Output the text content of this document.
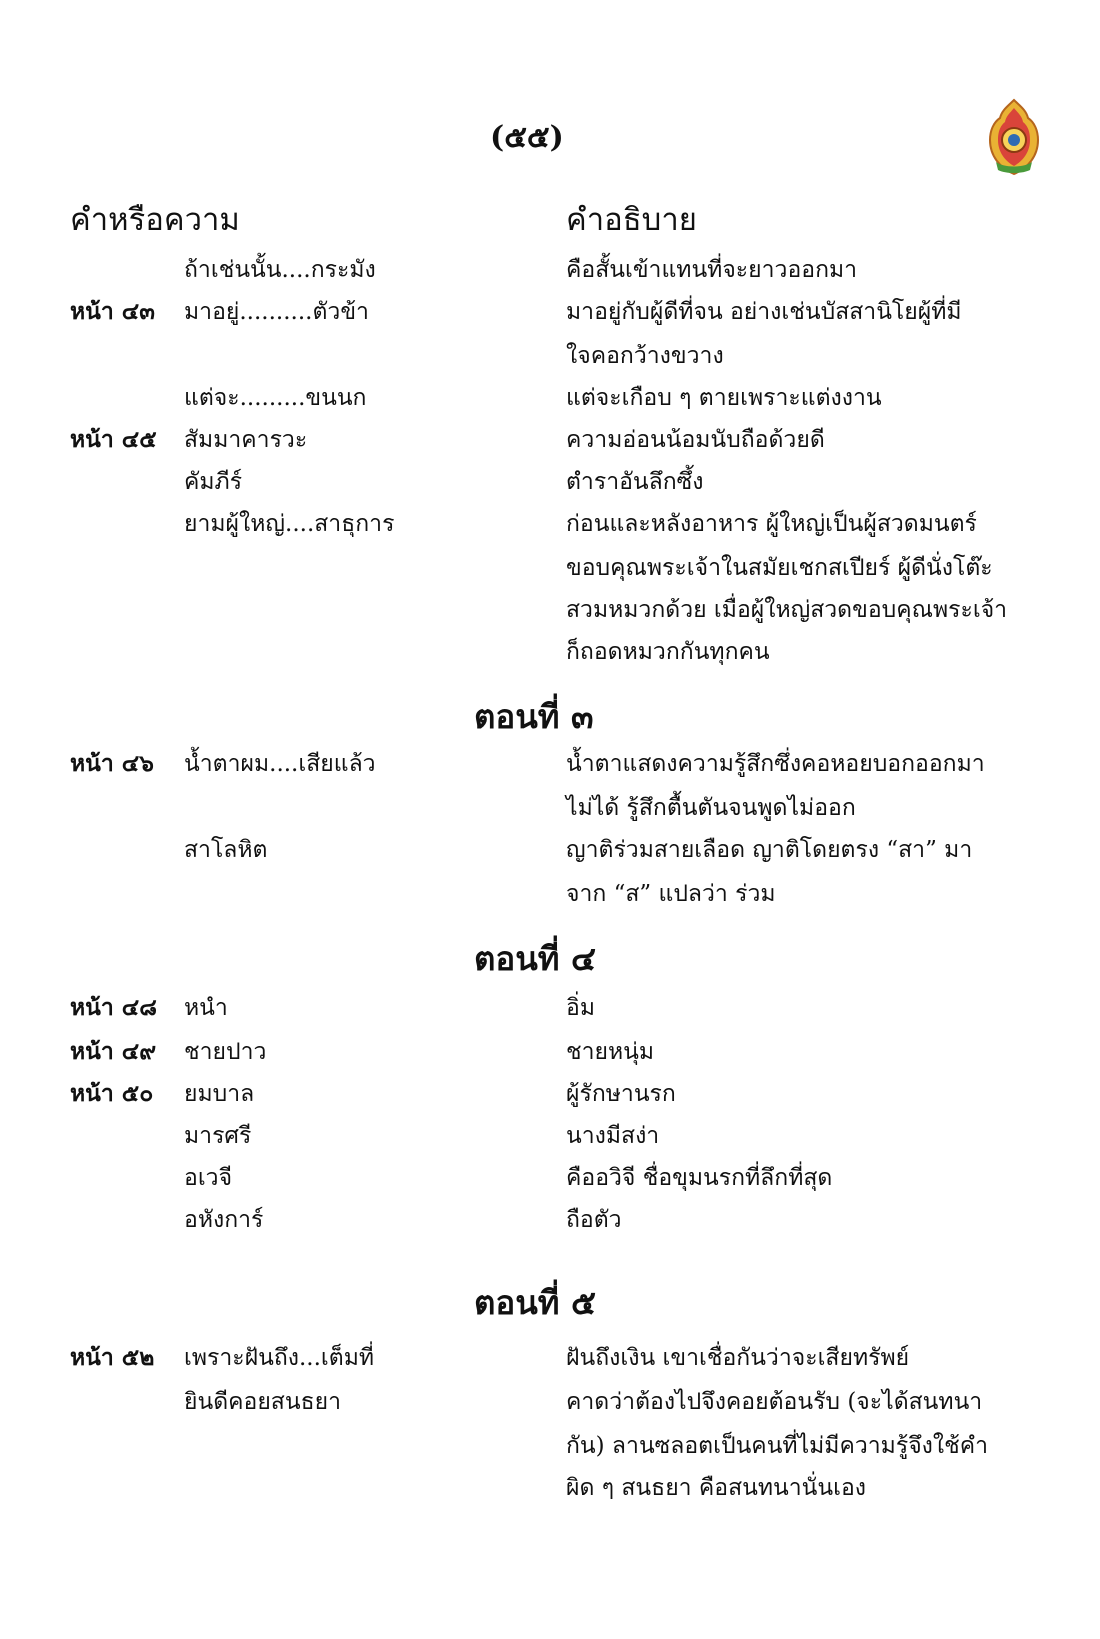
(๕๕)
คำหรือความ	คำอธิบาย
ถ้าเช่นนั้น....กระมัง	คือสั้นเข้าแทนที่จะยาวออกมา
หน้า ๔๓ มาอยู่..........ตัวข้า	มาอยู่กับผู้ดีที่จน อย่างเช่นบัสสานิโยผู้ที่มี
ใจคอกว้างขวาง
แต่จะ.........ขนนก	แต่จะเกือบ ๆ ตายเพราะแต่งงาน
หน้า ๔๕ สัมมาคารวะ	ความอ่อนน้อมนับถือด้วยดี
คัมภีร์	ตำราอันลึกซึ้ง
ยามผู้ใหญ่....สาธุการ	ก่อนและหลังอาหาร ผู้ใหญ่เป็นผู้สวดมนตร์
ขอบคุณพระเจ้าในสมัยเชกสเปียร์ ผู้ดีนั่งโต๊ะ
สวมหมวกด้วย เมื่อผู้ใหญ่สวดขอบคุณพระเจ้า
ก็ถอดหมวกกันทุกคน
ตอนที่ ๓
หน้า ๔๖ น้ำตาผม....เสียแล้ว	น้ำตาแสดงความรู้สึกซึ่งคอหอยบอกออกมา
ไม่ได้ รู้สึกตื้นตันจนพูดไม่ออก
สาโลหิต	ญาติร่วมสายเลือด ญาติโดยตรง “สา” มา
จาก “ส” แปลว่า ร่วม
ตอนที่ ๔
หน้า ๔๘ หนำ	อิ่ม
หน้า ๔๙ ชายปาว	ชายหนุ่ม
หน้า ๕๐ ยมบาล	ผู้รักษานรก
มารศรี	นางมีสง่า
อเวจี	คืออวิจี ชื่อขุมนรกที่ลึกที่สุด
อหังการ์	ถือตัว
ตอนที่ ๕
หน้า ๕๒ เพราะฝันถึง...เต็มที่	ฝันถึงเงิน เขาเชื่อกันว่าจะเสียทรัพย์
ยินดีคอยสนธยา	คาดว่าต้องไปจึงคอยต้อนรับ (จะได้สนทนา
กัน) ลานซลอตเป็นคนที่ไม่มีความรู้จึงใช้คำ
ผิด ๆ สนธยา คือสนทนานั่นเอง
